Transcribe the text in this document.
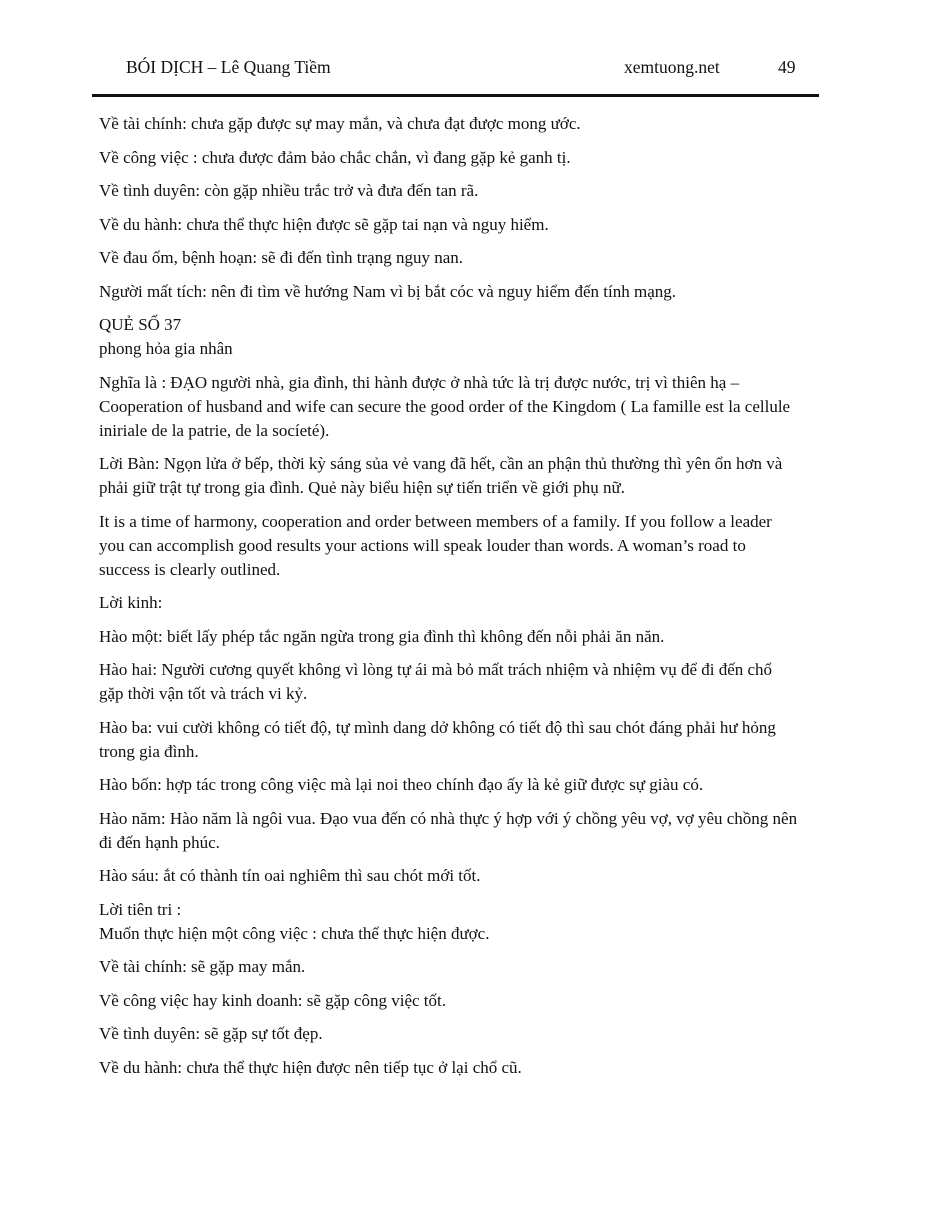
BÓI DỊCH – Lê Quang Tiềm	xemtuong.net	49

Về tài chính: chưa gặp được sự may mắn, và chưa đạt được mong ước.

Về công việc : chưa được đảm bảo chắc chắn, vì đang gặp kẻ ganh tị.

Về tình duyên: còn gặp nhiều trắc trở và đưa đến tan rã.

Về du hành: chưa thể thực hiện được sẽ gặp tai nạn và nguy hiểm.

Về đau ốm, bệnh hoạn: sẽ đi đến tình trạng nguy nan.

Người mất tích: nên đi tìm về hướng Nam vì bị bắt cóc và nguy hiểm đến tính mạng.

QUẺ SỐ 37

phong hỏa gia nhân

Nghĩa là : ĐẠO người nhà, gia đình, thi hành được ở nhà tức là trị được nước, trị vì thiên hạ – Cooperation of husband and wife can secure the good order of the Kingdom ( La famille est la cellule iniriale de la patrie, de la socíeté).

Lời Bàn: Ngọn lửa ở bếp, thời kỳ sáng sủa vẻ vang đã hết, cần an phận thủ thường thì yên ổn hơn và phải giữ trật tự trong gia đình. Quẻ này biểu hiện sự tiến triển về giới phụ nữ.

It is a time of harmony, cooperation and order between members of a family. If you follow a leader you can accomplish good results your actions will speak louder than words. A woman’s road to success is clearly outlined.

Lời kinh:

Hào một: biết lấy phép tắc ngăn ngừa trong gia đình thì không đến nỗi phải ăn năn.

Hào hai: Người cương quyết không vì lòng tự ái mà bỏ mất trách nhiệm và nhiệm vụ để đi đến chổ gặp thời vận tốt và trách vi kỷ.

Hào ba: vui cười không có tiết độ, tự mình dang dở không có tiết độ thì sau chót đáng phải hư hỏng trong gia đình.

Hào bốn: hợp tác trong công việc mà lại noi theo chính đạo ấy là kẻ giữ được sự giàu có.

Hào năm: Hào năm là ngôi vua. Đạo vua đến có nhà thực ý hợp với ý chồng yêu vợ, vợ yêu chồng nên đi đến hạnh phúc.

Hào sáu: ắt có thành tín oai nghiêm thì sau chót mới tốt.

Lời tiên tri :

Muốn thực hiện một công việc : chưa thể thực hiện được.

Về tài chính: sẽ gặp may mắn.

Về công việc hay kinh doanh: sẽ gặp công việc tốt.

Về tình duyên: sẽ gặp sự tốt đẹp.

Về du hành: chưa thể thực hiện được nên tiếp tục ở lại chổ cũ.
